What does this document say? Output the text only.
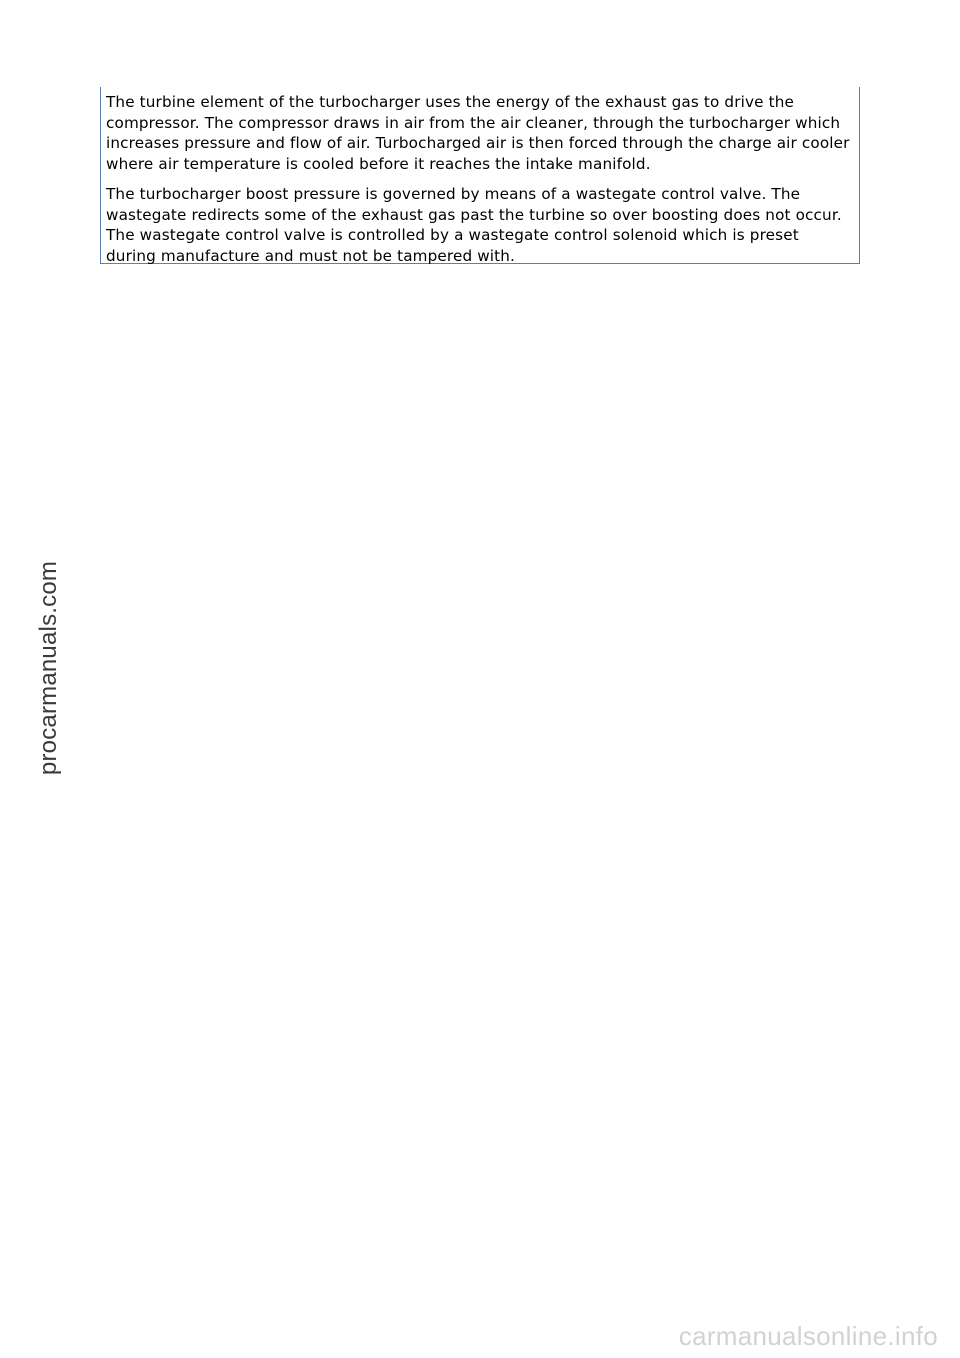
The turbine element of the turbocharger uses the energy of the exhaust gas to drive the compressor. The compressor draws in air from the air cleaner, through the turbocharger which increases pressure and flow of air. Turbocharged air is then forced through the charge air cooler where air temperature is cooled before it reaches the intake manifold.

The turbocharger boost pressure is governed by means of a wastegate control valve. The wastegate redirects some of the exhaust gas past the turbine so over boosting does not occur. The wastegate control valve is controlled by a wastegate control solenoid which is preset during manufacture and must not be tampered with.

procarmanuals.com
carmanualsonline.info
